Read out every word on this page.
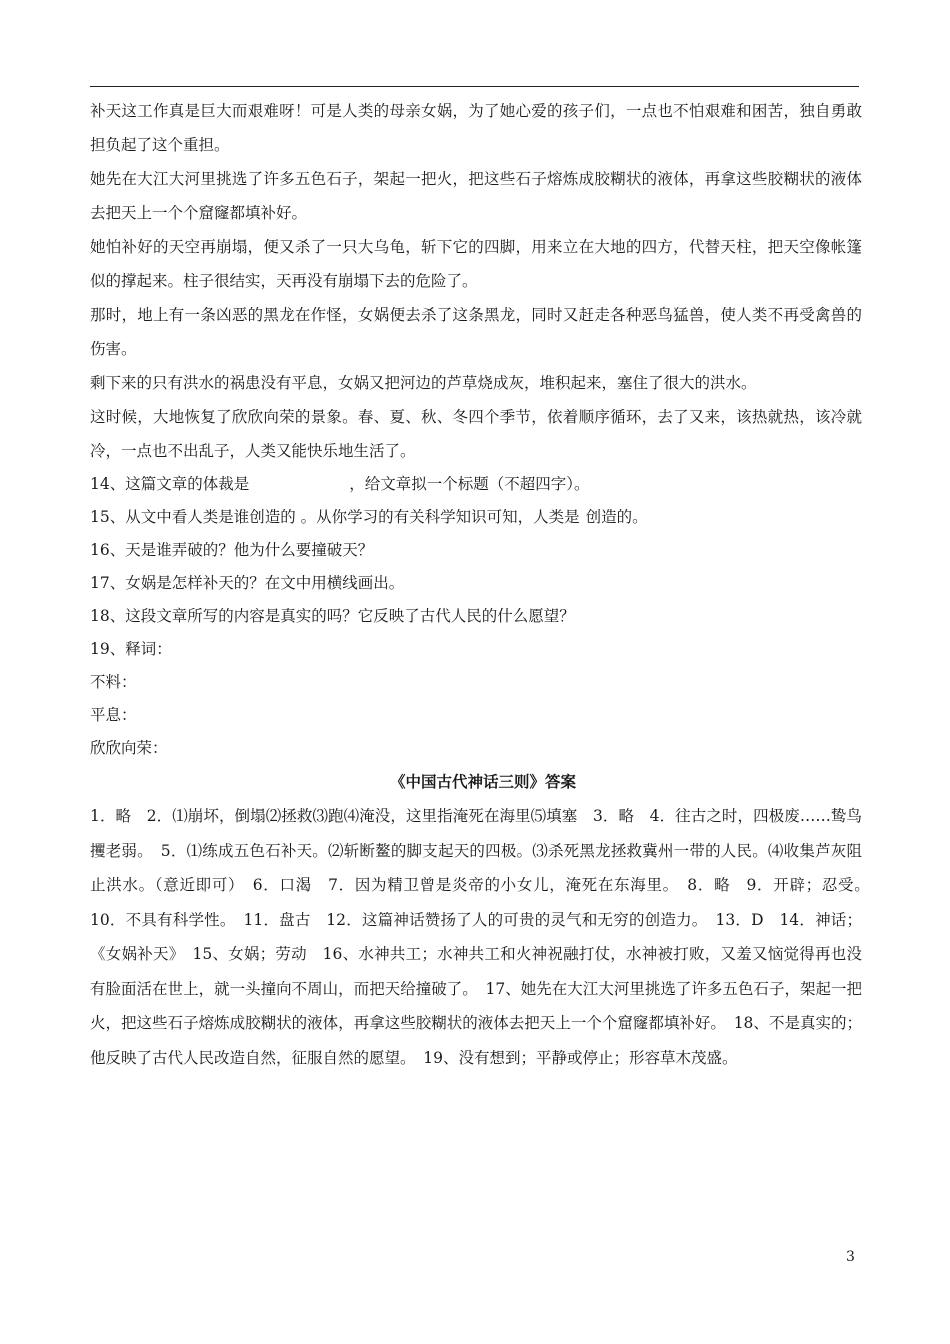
补天这工作真是巨大而艰难呀！可是人类的母亲女娲，为了她心爱的孩子们，一点也不怕艰难和困苦，独自勇敢担负起了这个重担。

她先在大江大河里挑选了许多五色石子，架起一把火，把这些石子熔炼成胶糊状的液体，再拿这些胶糊状的液体去把天上一个个窟窿都填补好。

她怕补好的天空再崩塌，便又杀了一只大乌龟，斩下它的四脚，用来立在大地的四方，代替天柱，把天空像帐篷似的撑起来。柱子很结实，天再没有崩塌下去的危险了。

那时，地上有一条凶恶的黑龙在作怪，女娲便去杀了这条黑龙，同时又赶走各种恶鸟猛兽，使人类不再受禽兽的伤害。

剩下来的只有洪水的祸患没有平息，女娲又把河边的芦草烧成灰，堆积起来，塞住了很大的洪水。

这时候，大地恢复了欣欣向荣的景象。春、夏、秋、冬四个季节，依着顺序循环，去了又来，该热就热，该冷就冷，一点也不出乱子，人类又能快乐地生活了。

14、这篇文章的体裁是	，给文章拟一个标题（不超四字）。

15、从文中看人类是谁创造的 。从你学习的有关科学知识可知，人类是 创造的。

16、天是谁弄破的？他为什么要撞破天？

17、女娲是怎样补天的？在文中用横线画出。

18、这段文章所写的内容是真实的吗？它反映了古代人民的什么愿望？

19、释词：

不料：

平息：

欣欣向荣：

《中国古代神话三则》答案

1．略　2．⑴崩坏，倒塌⑵拯救⑶跑⑷淹没，这里指淹死在海里⑸填塞　3．略　4．往古之时，四极废……鸷鸟攫老弱。　5．⑴练成五色石补天。⑵斩断鳌的脚支起天的四极。⑶杀死黑龙拯救冀州一带的人民。⑷收集芦灰阻止洪水。（意近即可）　6．口渴　7．因为精卫曾是炎帝的小女儿，淹死在东海里。　8．略　9．开辟；忍受。　10．不具有科学性。　11．盘古　12．这篇神话赞扬了人的可贵的灵气和无穷的创造力。　13．D　14．神话；《女娲补天》　15、女娲；劳动　16、水神共工；水神共工和火神祝融打仗，水神被打败，又羞又恼觉得再也没有脸面活在世上，就一头撞向不周山，而把天给撞破了。　17、她先在大江大河里挑选了许多五色石子，架起一把火，把这些石子熔炼成胶糊状的液体，再拿这些胶糊状的液体去把天上一个个窟窿都填补好。　18、不是真实的；他反映了古代人民改造自然，征服自然的愿望。　19、没有想到；平静或停止；形容草木茂盛。

3
